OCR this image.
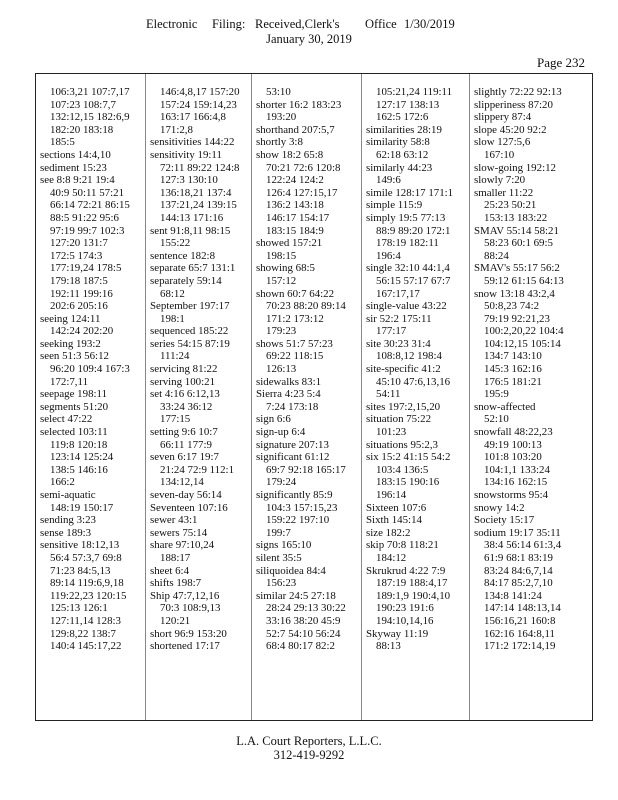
Electronic Filing: Received,Clerk's Office 1/30/2019
January 30, 2019
Page 232
106:3,21 107:7,17
107:23 108:7,7
132:12,15 182:6,9
182:20 183:18
185:5
sections 14:4,10
sediment 15:23
see 8:8 9:21 19:4
40:9 50:11 57:21
66:14 72:21 86:15
88:5 91:22 95:6
97:19 99:7 102:3
127:20 131:7
172:5 174:3
177:19,24 178:5
179:18 187:5
192:11 199:16
202:6 205:16
seeing 124:11
142:24 202:20
seeking 193:2
seen 51:3 56:12
96:20 109:4 167:3
172:7,11
seepage 198:11
segments 51:20
select 47:22
selected 103:11
119:8 120:18
123:14 125:24
138:5 146:16
166:2
semi-aquatic
148:19 150:17
sending 3:23
sense 189:3
sensitive 18:12,13
56:4 57:3,7 69:8
71:23 84:5,13
89:14 119:6,9,18
119:22,23 120:15
125:13 126:1
127:11,14 128:3
129:8,22 138:7
140:4 145:17,22
146:4,8,17 157:20
157:24 159:14,23
163:17 166:4,8
171:2,8
sensitivities 144:22
sensitivity 19:11
72:11 89:22 124:8
127:3 130:10
136:18,21 137:4
137:21,24 139:15
144:13 171:16
sent 91:8,11 98:15
155:22
sentence 182:8
separate 65:7 131:1
separately 59:14
68:12
September 197:17
198:1
sequenced 185:22
series 54:15 87:19
111:24
servicing 81:22
serving 100:21
set 4:16 6:12,13
33:24 36:12
177:15
setting 9:6 10:7
66:11 177:9
seven 6:17 19:7
21:24 72:9 112:1
134:12,14
seven-day 56:14
Seventeen 107:16
sewer 43:1
sewers 75:14
share 97:10,24
188:17
sheet 6:4
shifts 198:7
Ship 47:7,12,16
70:3 108:9,13
120:21
short 96:9 153:20
shortened 17:17
53:10
shorter 16:2 183:23
193:20
shorthand 207:5,7
shortly 3:8
show 18:2 65:8
70:21 72:6 120:8
122:24 124:2
126:4 127:15,17
136:2 143:18
146:17 154:17
183:15 184:9
showed 157:21
198:15
showing 68:5
157:12
shown 60:7 64:22
70:23 88:20 89:14
171:2 173:12
179:23
shows 51:7 57:23
69:22 118:15
126:13
sidewalks 83:1
Sierra 4:23 5:4
7:24 173:18
sign 6:6
sign-up 6:4
signature 207:13
significant 61:12
69:7 92:18 165:17
179:24
significantly 85:9
104:3 157:15,23
159:22 197:10
199:7
signs 165:10
silent 35:5
siliquoidea 84:4
156:23
similar 24:5 27:18
28:24 29:13 30:22
33:16 38:20 45:9
52:7 54:10 56:24
68:4 80:17 82:2
105:21,24 119:11
127:17 138:13
162:5 172:6
similarities 28:19
similarity 58:8
62:18 63:12
similarly 44:23
149:6
simile 128:17 171:1
simple 115:9
simply 19:5 77:13
88:9 89:20 172:1
178:19 182:11
196:4
single 32:10 44:1,4
56:15 57:17 67:7
167:17,17
single-value 43:22
sir 52:2 175:11
177:17
site 30:23 31:4
108:8,12 198:4
site-specific 41:2
45:10 47:6,13,16
54:11
sites 197:2,15,20
situation 75:22
101:23
situations 95:2,3
six 15:2 41:15 54:2
103:4 136:5
183:15 190:16
196:14
Sixteen 107:6
Sixth 145:14
size 182:2
skip 70:8 118:21
184:12
Skrukrud 4:22 7:9
187:19 188:4,17
189:1,9 190:4,10
190:23 191:6
194:10,14,16
Skyway 11:19
88:13
slightly 72:22 92:13
slipperiness 87:20
slippery 87:4
slope 45:20 92:2
slow 127:5,6
167:10
slow-going 192:12
slowly 7:20
smaller 11:22
25:23 50:21
153:13 183:22
SMAV 55:14 58:21
58:23 60:1 69:5
88:24
SMAV's 55:17 56:2
59:12 61:15 64:13
snow 13:18 43:2,4
50:8,23 74:2
79:19 92:21,23
100:2,20,22 104:4
104:12,15 105:14
134:7 143:10
145:3 162:16
176:5 181:21
195:9
snow-affected
52:10
snowfall 48:22,23
49:19 100:13
101:8 103:20
104:1,1 133:24
134:16 162:15
snowstorms 95:4
snowy 14:2
Society 15:17
sodium 19:17 35:11
38:4 56:14 61:3,4
61:9 68:1 83:19
83:24 84:6,7,14
84:17 85:2,7,10
134:8 141:24
147:14 148:13,14
156:16,21 160:8
162:16 164:8,11
171:2 172:14,19
L.A. Court Reporters, L.L.C.
312-419-9292
